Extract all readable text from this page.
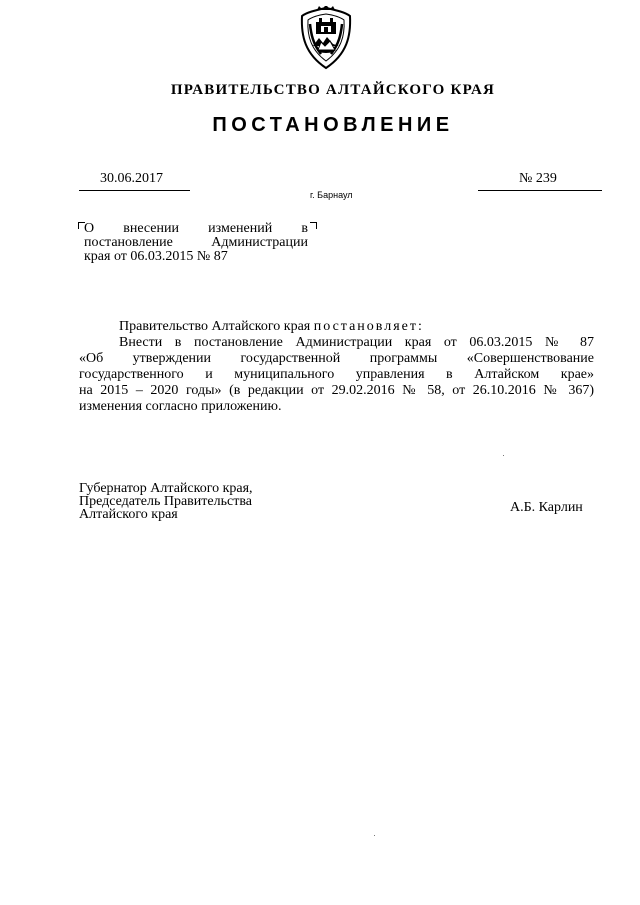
ПРАВИТЕЛЬСТВО АЛТАЙСКОГО КРАЯ
ПОСТАНОВЛЕНИЕ
30.06.2017	№ 239
г. Барнаул
О внесении изменений в
постановление Администрации
края от 06.03.2015 № 87
Правительство Алтайского края постановляет:
Внести в постановление Администрации края от 06.03.2015 № 87
«Об утверждении государственной программы «Совершенствование
государственного и муниципального управления в Алтайском крае»
на 2015 – 2020 годы» (в редакции от 29.02.2016 № 58, от 26.10.2016 № 367)
изменения согласно приложению.
Губернатор Алтайского края,
Председатель Правительства
Алтайского края	А.Б. Карлин
